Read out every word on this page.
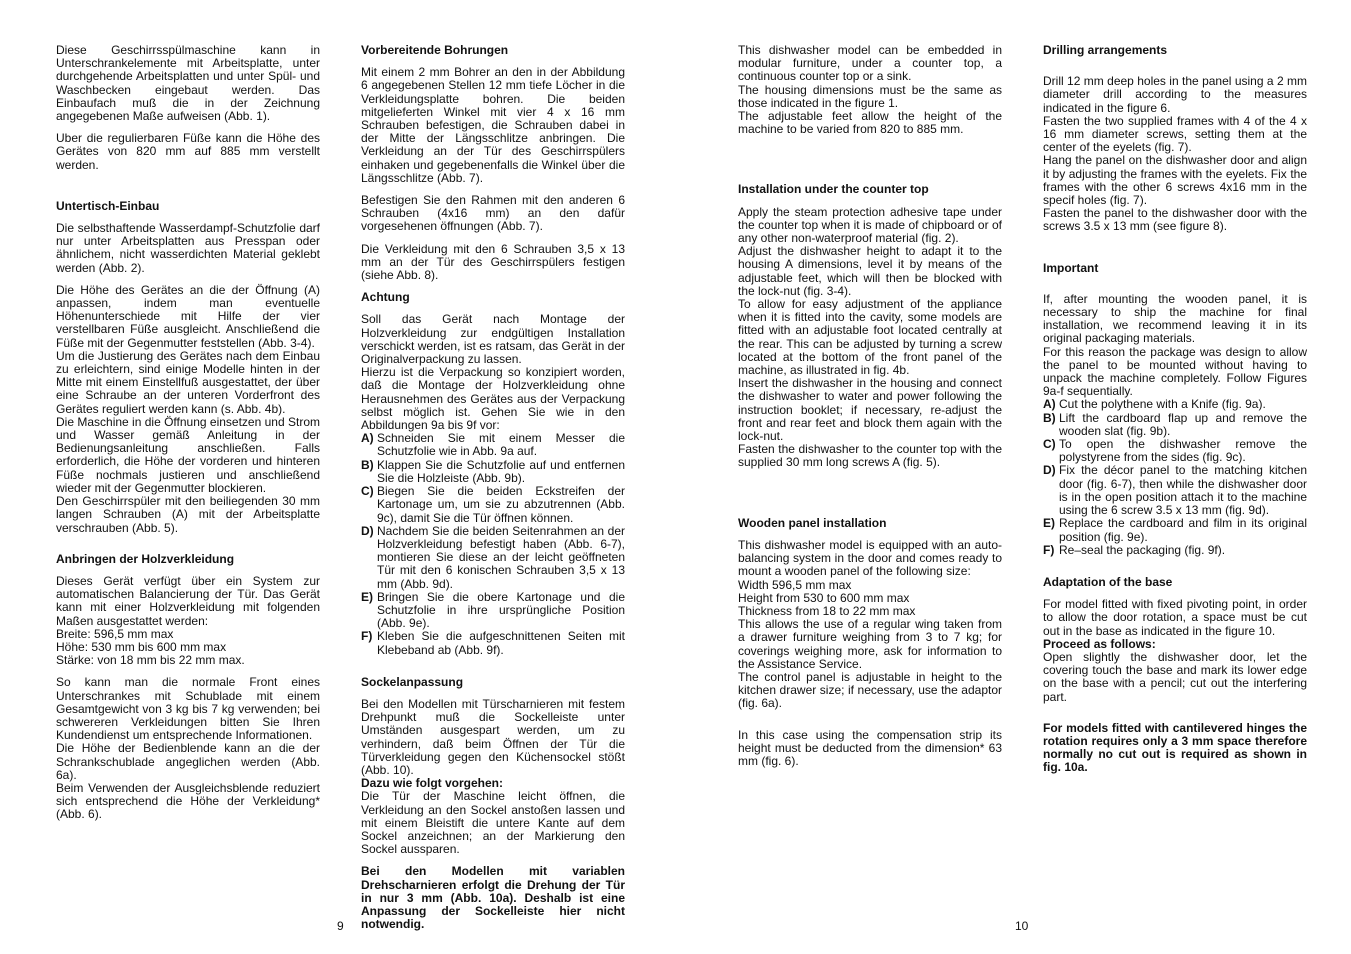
Diese Geschirrsspülmaschine kann in Unterschrankelemente mit Arbeitsplatte, unter durchgehende Arbeitsplatten und unter Spül- und Waschbecken eingebaut werden. Das Einbaufach muß die in der Zeichnung angegebenen Maße aufweisen (Abb. 1).

Uber die regulierbaren Füße kann die Höhe des Gerätes von 820 mm auf 885 mm verstellt werden.

Untertisch-Einbau

Die selbsthaftende Wasserdampf-Schutzfolie darf nur unter Arbeitsplatten aus Presspan oder ähnlichem, nicht wasserdichten Material geklebt werden (Abb. 2).

Die Höhe des Gerätes an die der Öffnung (A) anpassen, indem man eventuelle Höhenunterschiede mit Hilfe der vier verstellbaren Füße ausgleicht. Anschließend die Füße mit der Gegenmutter feststellen (Abb. 3-4).

Um die Justierung des Gerätes nach dem Einbau zu erleichtern, sind einige Modelle hinten in der Mitte mit einem Einstellfuß ausgestattet, der über eine Schraube an der unteren Vorderfront des Gerätes reguliert werden kann (s. Abb. 4b).

Die Maschine in die Öffnung einsetzen und Strom und Wasser gemäß Anleitung in der Bedienungsanleitung anschließen. Falls erforderlich, die Höhe der vorderen und hinteren Füße nochmals justieren und anschließend wieder mit der Gegenmutter blockieren.

Den Geschirrspüler mit den beiliegenden 30 mm langen Schrauben (A) mit der Arbeitsplatte verschrauben (Abb. 5).

Anbringen der Holzverkleidung

Dieses Gerät verfügt über ein System zur automatischen Balancierung der Tür. Das Gerät kann mit einer Holzverkleidung mit folgenden Maßen ausgestattet werden:

Breite: 596,5 mm max

Höhe: 530 mm bis 600 mm max

Stärke: von 18 mm bis 22 mm max.

So kann man die normale Front eines Unterschrankes mit Schublade mit einem Gesamtgewicht von 3 kg bis 7 kg verwenden; bei schwereren Verkleidungen bitten Sie Ihren Kundendienst um entsprechende Informationen.

Die Höhe der Bedienblende kann an die der Schrankschublade angeglichen werden (Abb. 6a).

Beim Verwenden der Ausgleichsblende reduziert sich entsprechend die Höhe der Verkleidung* (Abb. 6).

Vorbereitende Bohrungen

Mit einem 2 mm Bohrer an den in der Abbildung 6 angegebenen Stellen 12 mm tiefe Löcher in die Verkleidungsplatte bohren. Die beiden mitgelieferten Winkel mit vier 4 x 16 mm Schrauben befestigen, die Schrauben dabei in der Mitte der Längsschlitze anbringen. Die Verkleidung an der Tür des Geschirrspülers einhaken und gegebenenfalls die Winkel über die Längsschlitze (Abb. 7).

Befestigen Sie den Rahmen mit den anderen 6 Schrauben (4x16 mm) an den dafür vorgesehenen öffnungen (Abb. 7).

Die Verkleidung mit den 6 Schrauben 3,5 x 13 mm an der Tür des Geschirrspülers festigen (siehe Abb. 8).

Achtung

Soll das Gerät nach Montage der Holzverkleidung zur endgültigen Installation verschickt werden, ist es ratsam, das Gerät in der Originalverpackung zu lassen.

Hierzu ist die Verpackung so konzipiert worden, daß die Montage der Holzverkleidung ohne Herausnehmen des Gerätes aus der Verpackung selbst möglich ist. Gehen Sie wie in den Abbildungen 9a bis 9f vor:

A) Schneiden Sie mit einem Messer die Schutzfolie wie in Abb. 9a auf.
B) Klappen Sie die Schutzfolie auf und entfernen Sie die Holzleiste (Abb. 9b).
C) Biegen Sie die beiden Eckstreifen der Kartonage um, um sie zu abzutrennen (Abb. 9c), damit Sie die Tür öffnen können.
D) Nachdem Sie die beiden Seitenrahmen an der Holzverkleidung befestigt haben (Abb. 6-7), montieren Sie diese an der leicht geöffneten Tür mit den 6 konischen Schrauben 3,5 x 13 mm (Abb. 9d).
E) Bringen Sie die obere Kartonage und die Schutzfolie in ihre ursprüngliche Position (Abb. 9e).
F) Kleben Sie die aufgeschnittenen Seiten mit Klebeband ab (Abb. 9f).
Sockelanpassung

Bei den Modellen mit Türscharnieren mit festem Drehpunkt muß die Sockelleiste unter Umständen ausgespart werden, um zu verhindern, daß beim Öffnen der Tür die Türverkleidung gegen den Küchensockel stößt (Abb. 10).

Dazu wie folgt vorgehen:

Die Tür der Maschine leicht öffnen, die Verkleidung an den Sockel anstoßen lassen und mit einem Bleistift die untere Kante auf dem Sockel anzeichnen; an der Markierung den Sockel aussparen.

Bei den Modellen mit variablen Drehscharnieren erfolgt die Drehung der Tür in nur 3 mm (Abb. 10a). Deshalb ist eine Anpassung der Sockelleiste hier nicht notwendig.

9

This dishwasher model can be embedded in modular furniture, under a counter top, a continuous counter top or a sink.

The housing dimensions must be the same as those indicated in the figure 1.

The adjustable feet allow the height of the machine to be varied from 820 to 885 mm.

Installation under the counter top

Apply the steam protection adhesive tape under the counter top when it is made of chipboard or of any other non-waterproof material (fig. 2).

Adjust the dishwasher height to adapt it to the housing A dimensions, level it by means of the adjustable feet, which will then be blocked with the lock-nut (fig. 3-4).

To allow for easy adjustment of the appliance when it is fitted into the cavity, some models are fitted with an adjustable foot located centrally at the rear. This can be adjusted by turning a screw located at the bottom of the front panel of the machine, as illustrated in fig. 4b.

Insert the dishwasher in the housing and connect the dishwasher to water and power following the instruction booklet; if necessary, re-adjust the front and rear feet and block them again with the lock-nut.

Fasten the dishwasher to the counter top with the supplied 30 mm long screws A (fig. 5).

Wooden panel installation

This dishwasher model is equipped with an auto-balancing system in the door and comes ready to mount a wooden panel of the following size:

Width 596,5 mm max

Height from 530 to 600 mm max

Thickness from 18 to 22 mm max

This allows the use of a regular wing taken from a drawer furniture weighing from 3 to 7 kg; for coverings weighing more, ask for information to the Assistance Service.

The control panel is adjustable in height to the kitchen drawer size; if necessary, use the adaptor (fig. 6a).

In this case using the compensation strip its height must be deducted from the dimension* 63 mm (fig. 6).

Drilling arrangements

Drill 12 mm deep holes in the panel using a 2 mm diameter drill according to the measures indicated in the figure 6.

Fasten the two supplied frames with 4 of the 4 x 16 mm diameter screws, setting them at the center of the eyelets (fig. 7).

Hang the panel on the dishwasher door and align it by adjusting the frames with the eyelets. Fix the frames with the other 6 screws 4x16 mm in the specif holes (fig. 7).

Fasten the panel to the dishwasher door with the screws 3.5 x 13 mm (see figure 8).

Important

If, after mounting the wooden panel, it is necessary to ship the machine for final installation, we recommend leaving it in its original packaging materials.

For this reason the package was design to allow the panel to be mounted without having to unpack the machine completely. Follow Figures 9a-f sequentially.

A) Cut the polythene with a Knife (fig. 9a).
B) Lift the cardboard flap up and remove the wooden slat (fig. 9b).
C) To open the dishwasher remove the polystyrene from the sides (fig. 9c).
D) Fix the décor panel to the matching kitchen door (fig. 6-7), then while the dishwasher door is in the open position attach it to the machine using the 6 screw 3.5 x 13 mm (fig. 9d).
E) Replace the cardboard and film in its original position (fig. 9e).
F) Re–seal the packaging (fig. 9f).
Adaptation of the base

For model fitted with fixed pivoting point, in order to allow the door rotation, a space must be cut out in the base as indicated in the figure 10.

Proceed as follows:

Open slightly the dishwasher door, let the covering touch the base and mark its lower edge on the base with a pencil; cut out the interfering part.

For models fitted with cantilevered hinges the rotation requires only a 3 mm space therefore normally no cut out is required as shown in fig. 10a.

10
